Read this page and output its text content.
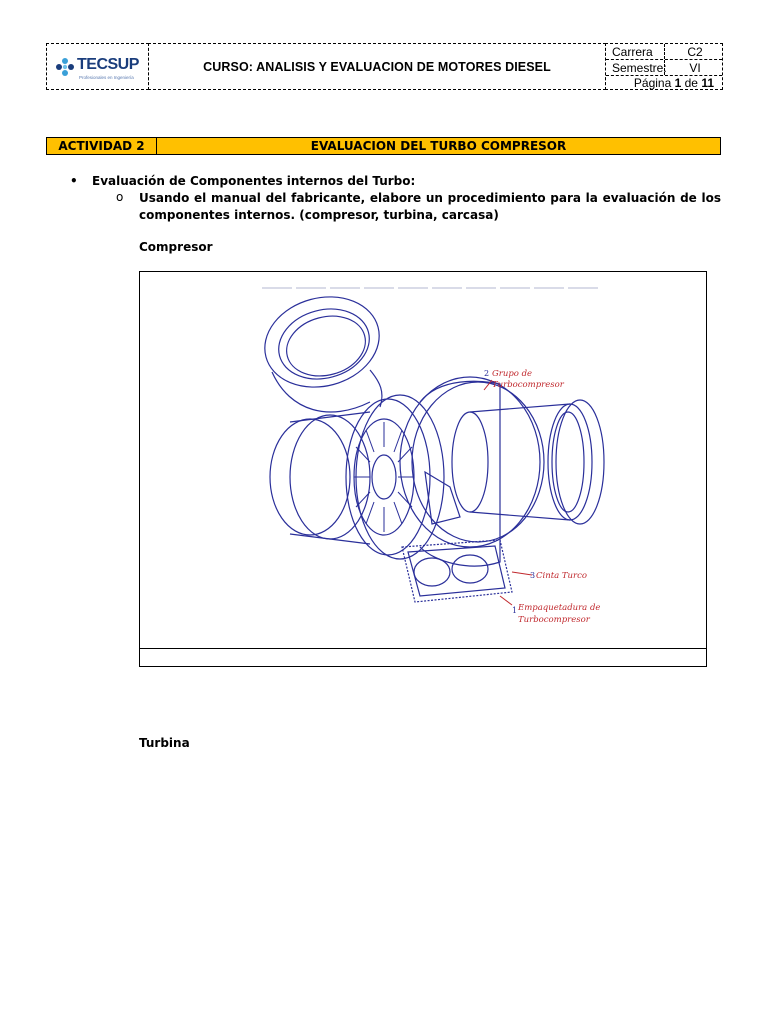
TECSUP
Profesionales en Ingeniería
CURSO: ANALISIS Y EVALUACION DE MOTORES DIESEL
Carrera	C2
Semestre:	VI
Página 1 de 11
ACTIVIDAD 2	EVALUACION DEL TURBO COMPRESOR
• Evaluación de Componentes internos del Turbo:
o Usando el manual del fabricante, elabore un procedimiento para la evaluación de los componentes internos. (compresor, turbina, carcasa)
Compresor
2 Grupo de
Turbocompresor
3 Cinta Turco
1 Empaquetadura de
Turbocompresor
Turbina
